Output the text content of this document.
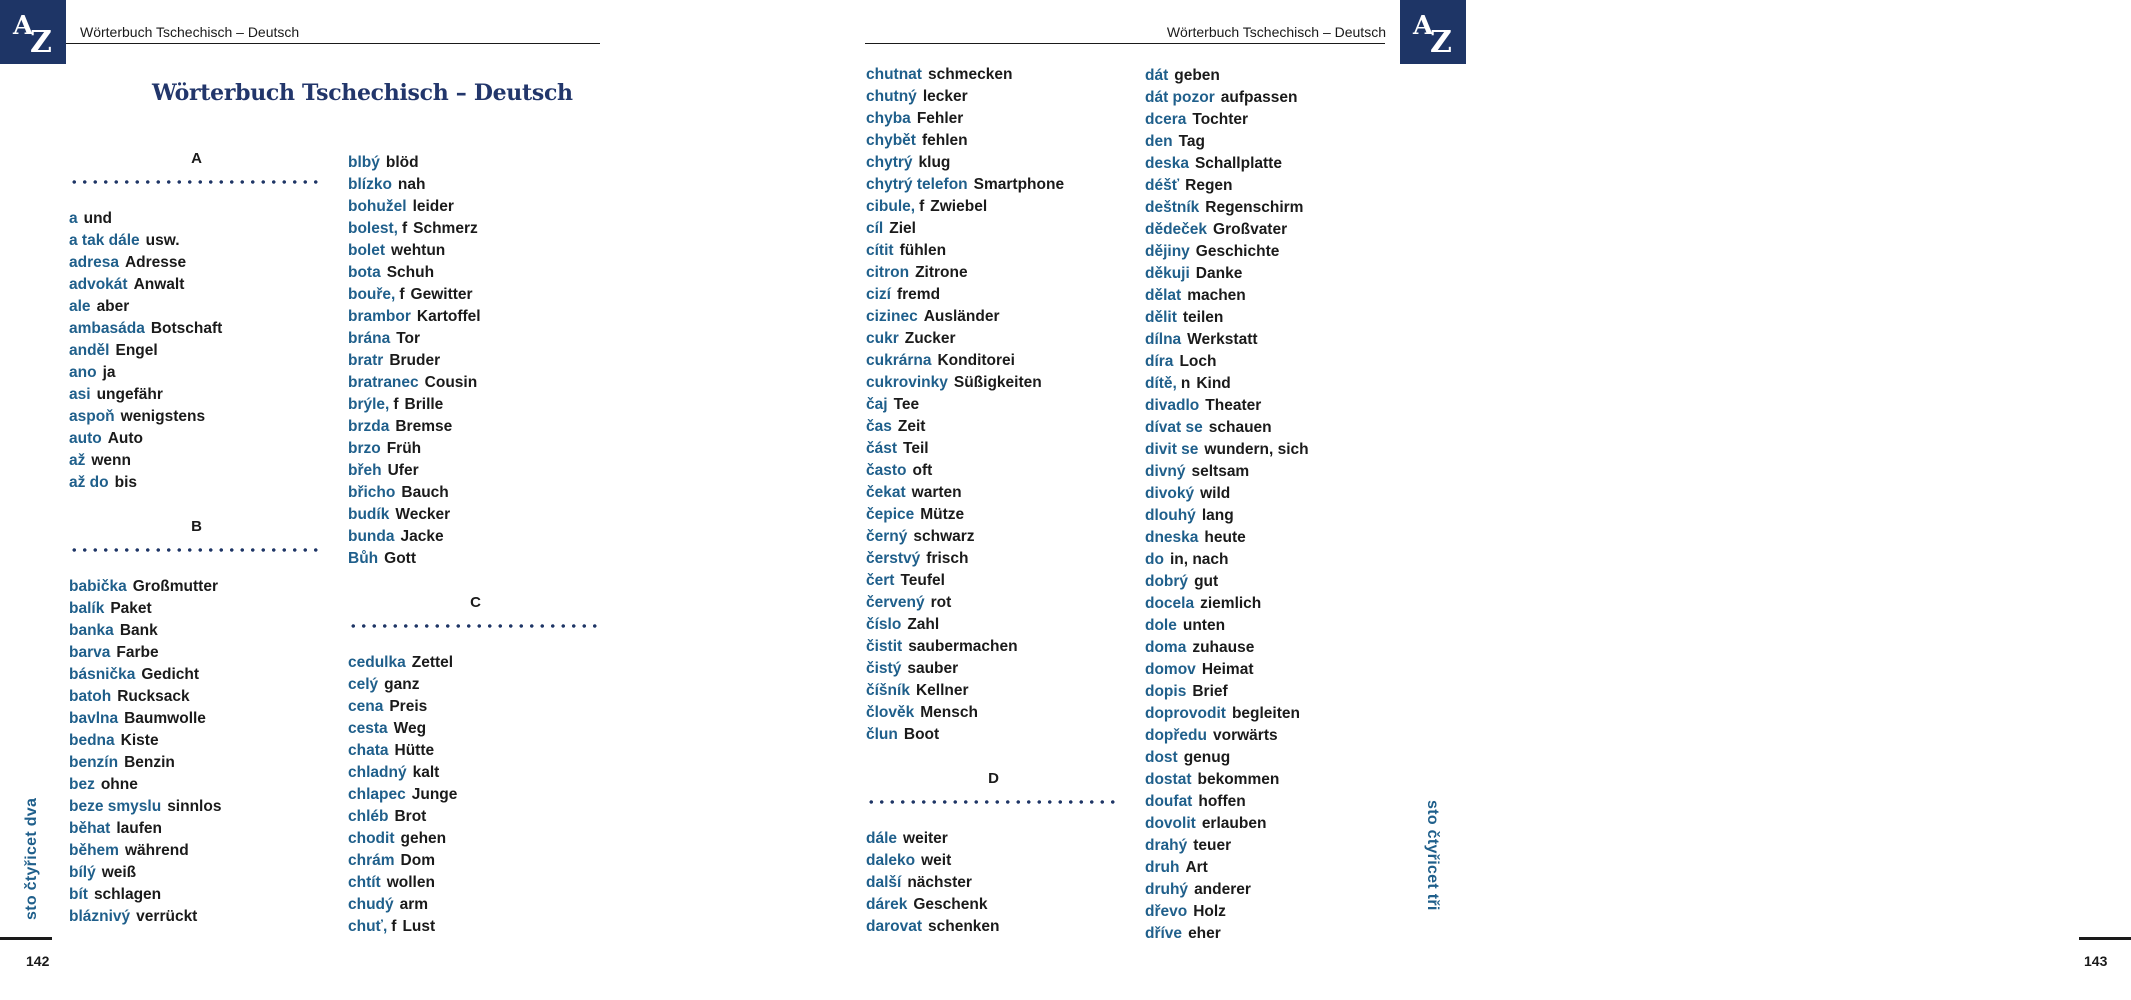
A
Z
sto čtyřicet dva
142
Wörterbuch Tschechisch – Deutsch
Wörterbuch Tschechisch – Deutsch
A
a und
a tak dále usw.
adresa Adresse
advokát Anwalt
ale aber
ambasáda Botschaft
anděl Engel
ano ja
asi ungefähr
aspoň wenigstens
auto Auto
až wenn
až do bis
B
babička Großmutter
balík Paket
banka Bank
barva Farbe
básnička Gedicht
batoh Rucksack
bavlna Baumwolle
bedna Kiste
benzín Benzin
bez ohne
beze smyslu sinnlos
běhat laufen
během während
bílý weiß
bít schlagen
bláznivý verrückt
blbý blöd
blízko nah
bohužel leider
bolest, f Schmerz
bolet wehtun
bota Schuh
bouře, f Gewitter
brambor Kartoffel
brána Tor
bratr Bruder
bratranec Cousin
brýle, f Brille
brzda Bremse
brzo Früh
břeh Ufer
břicho Bauch
budík Wecker
bunda Jacke
Bůh Gott
C
cedulka Zettel
celý ganz
cena Preis
cesta Weg
chata Hütte
chladný kalt
chlapec Junge
chléb Brot
chodit gehen
chrám Dom
chtít wollen
chudý arm
chuť, f Lust
A
Z
sto čtyřicet tři
143
Wörterbuch Tschechisch – Deutsch
chutnat schmecken
chutný lecker
chyba Fehler
chybět fehlen
chytrý klug
chytrý telefon Smartphone
cibule, f Zwiebel
cíl Ziel
cítit fühlen
citron Zitrone
cizí fremd
cizinec Ausländer
cukr Zucker
cukrárna Konditorei
cukrovinky Süßigkeiten
čaj Tee
čas Zeit
část Teil
často oft
čekat warten
čepice Mütze
černý schwarz
čerstvý frisch
čert Teufel
červený rot
číslo Zahl
čistit saubermachen
čistý sauber
číšník Kellner
člověk Mensch
člun Boot
D
dále weiter
daleko weit
další nächster
dárek Geschenk
darovat schenken
dát geben
dát pozor aufpassen
dcera Tochter
den Tag
deska Schallplatte
déšť Regen
deštník Regenschirm
dědeček Großvater
dějiny Geschichte
děkuji Danke
dělat machen
dělit teilen
dílna Werkstatt
díra Loch
dítě, n Kind
divadlo Theater
dívat se schauen
divit se wundern, sich
divný seltsam
divoký wild
dlouhý lang
dneska heute
do in, nach
dobrý gut
docela ziemlich
dole unten
doma zuhause
domov Heimat
dopis Brief
doprovodit begleiten
dopředu vorwärts
dost genug
dostat bekommen
doufat hoffen
dovolit erlauben
drahý teuer
druh Art
druhý anderer
dřevo Holz
dříve eher
